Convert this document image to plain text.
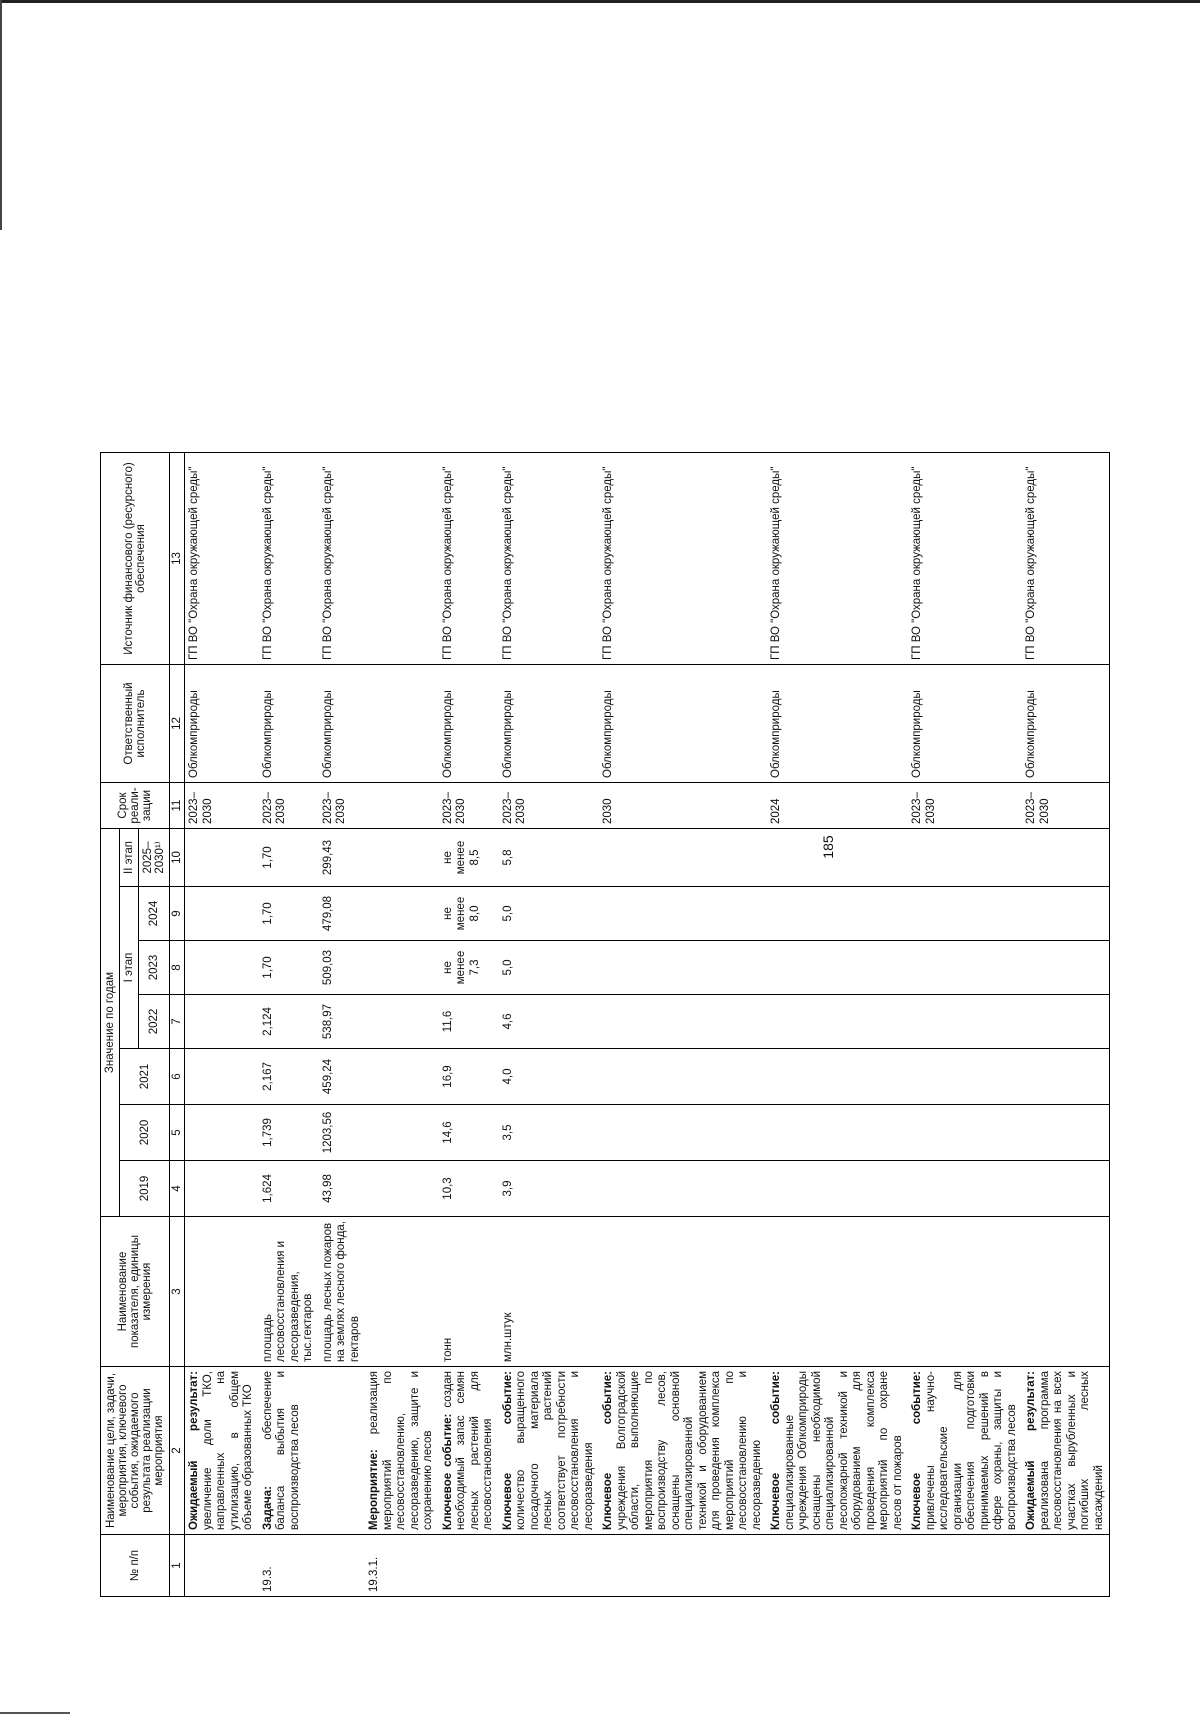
185
№ п/п	Наименование цели, задачи, мероприятия, ключевого события, ожидаемого результата реализации мероприятия	Наименование показателя, единицы измерения	Значение по годам							Срок реали-зации	Ответственный исполнитель	Источник финансового (ресурсного) обеспечения
			2019	2020	2021	I этап			II этап			
						2022	2023	2024	2025–2030¹⁾			
1	2	3	4	5	6	7	8	9	10	11	12	13
	Ожидаемый результат: увеличение доли ТКО, направленных на утилизацию, в общем объеме образованных ТКО									2023–2030	Облкомприроды	ГП ВО "Охрана окружающей среды"
19.3.	Задача: обеспечение баланса выбытия и воспроизводства лесов	площадь лесовосстановления и лесоразведения, тыс.гектаров	1,624	1,739	2,167	2,124	1,70	1,70	1,70	2023–2030	Облкомприроды	ГП ВО "Охрана окружающей среды"
		площадь лесных пожаров на землях лесного фонда, гектаров	43,98	1203,56	459,24	538,97	509,03	479,08	299,43	2023–2030	Облкомприроды	ГП ВО "Охрана окружающей среды"
19.3.1.	Мероприятие: реализация мероприятий по лесовосстановлению, лесоразведению, защите и сохранению лесов											
	Ключевое событие: создан необходимый запас семян лесных растений для лесовосстановления	тонн	10,3	14,6	16,9	11,6	не менее 7,3	не менее 8,0	не менее 8,5	2023–2030	Облкомприроды	ГП ВО "Охрана окружающей среды"
	Ключевое событие: количество выращенного посадочного материала лесных растений соответствует потребности лесовосстановления и лесоразведения	млн.штук	3,9	3,5	4,0	4,6	5,0	5,0	5,8	2023–2030	Облкомприроды	ГП ВО "Охрана окружающей среды"
	Ключевое событие: учреждения Волгоградской области, выполняющие мероприятия по воспроизводству лесов, оснащены основной специализированной техникой и оборудованием для проведения комплекса мероприятий по лесовосстановлению и лесоразведению									2030	Облкомприроды	ГП ВО "Охрана окружающей среды"
	Ключевое событие: специализированные учреждения Облкомприроды оснащены необходимой специализированной лесопожарной техникой и оборудованием для проведения комплекса мероприятий по охране лесов от пожаров									2024	Облкомприроды	ГП ВО "Охрана окружающей среды"
	Ключевое событие: привлечены научно-исследовательские организации для обеспечения подготовки принимаемых решений в сфере охраны, защиты и воспроизводства лесов									2023–2030	Облкомприроды	ГП ВО "Охрана окружающей среды"
	Ожидаемый результат: реализована программа лесовосстановления на всех участках вырубленных и погибших лесных насаждений									2023–2030	Облкомприроды	ГП ВО "Охрана окружающей среды"
